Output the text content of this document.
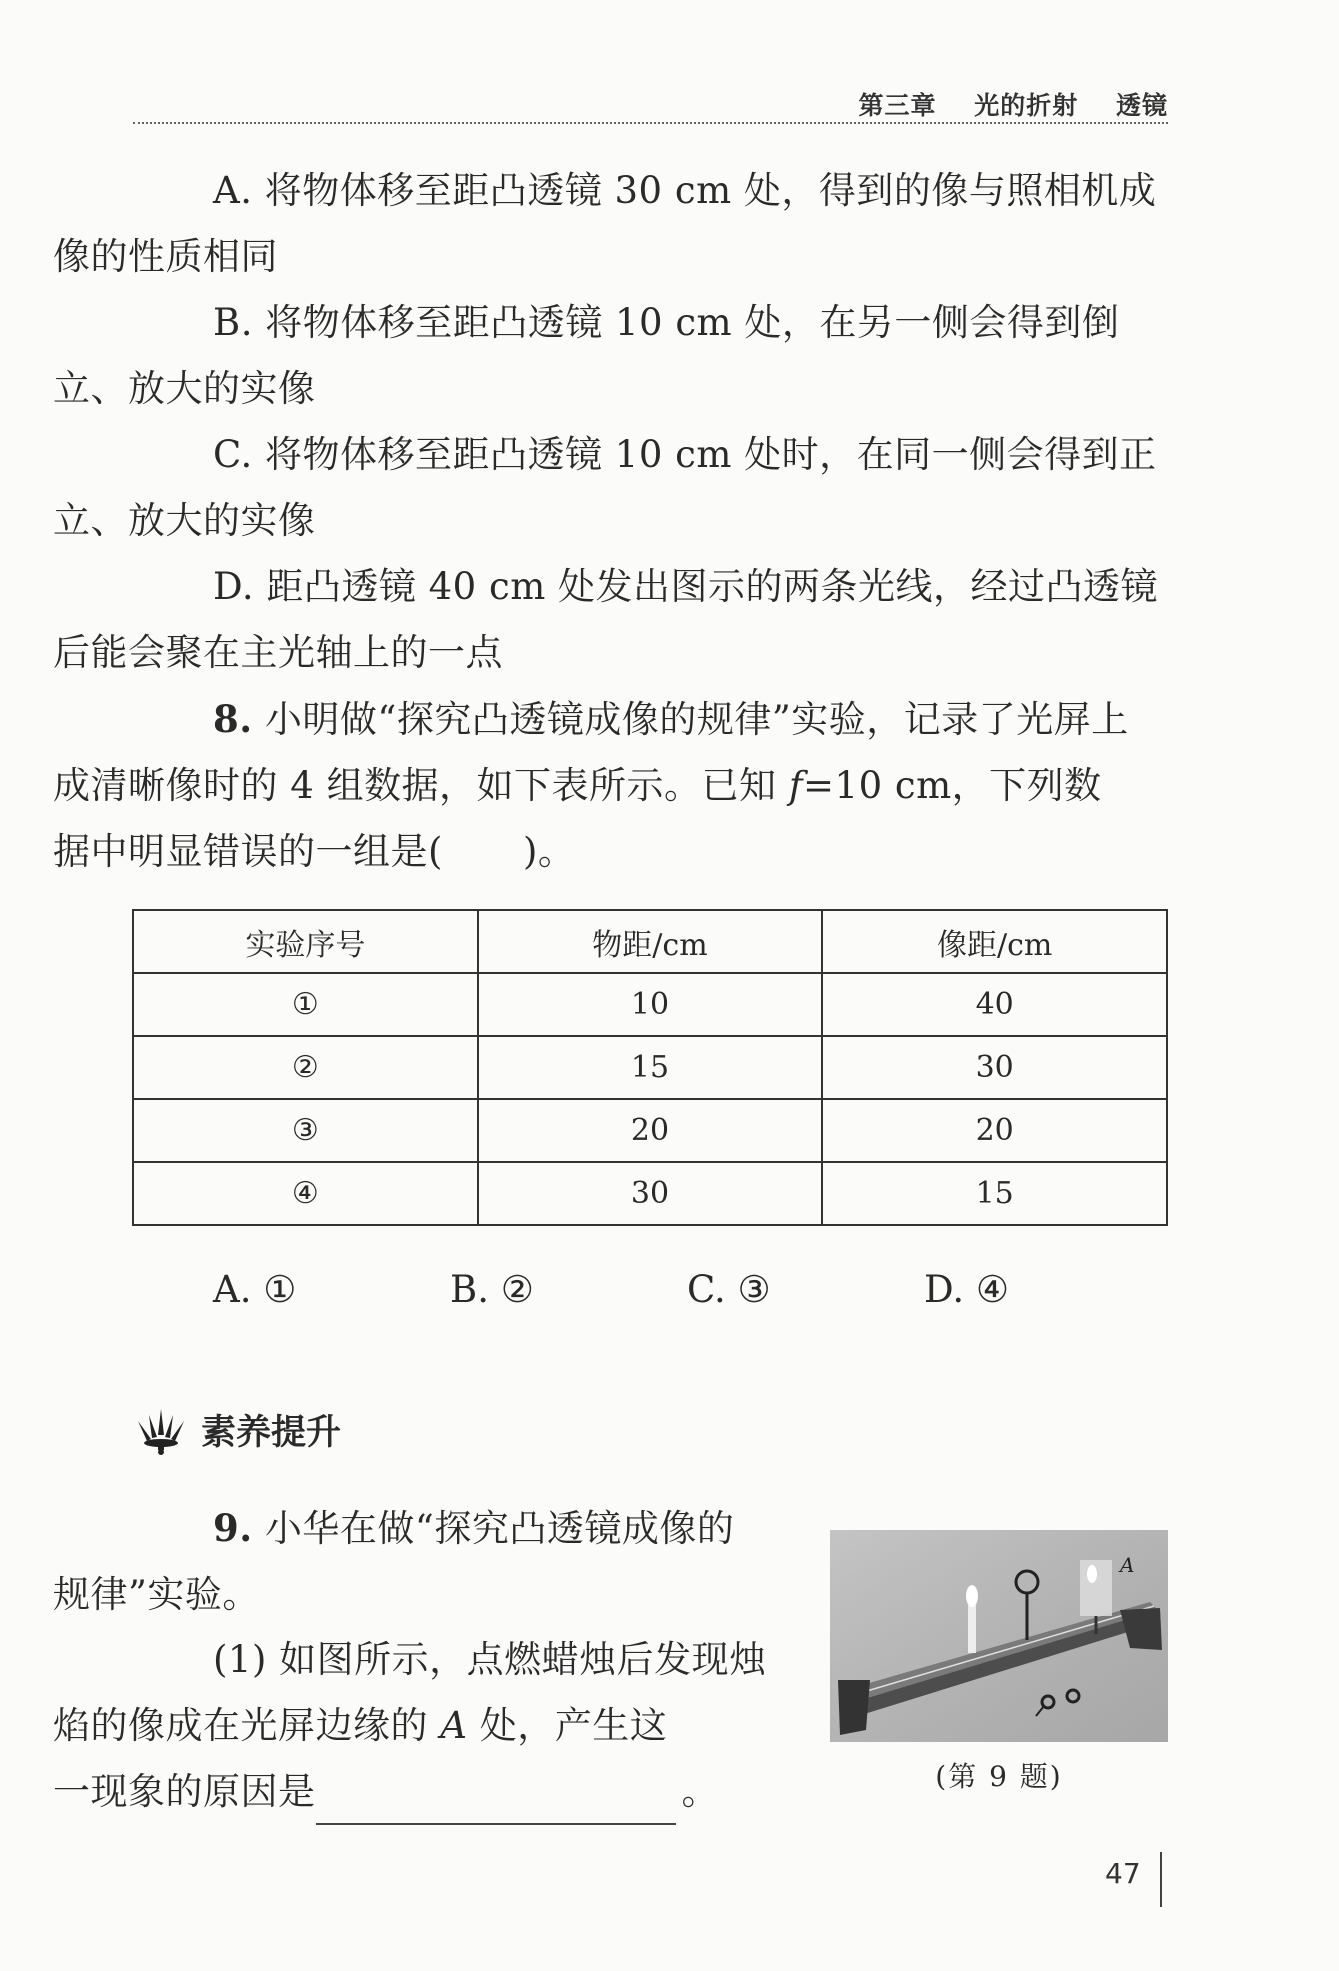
第三章 光的折射 透镜

A. 将物体移至距凸透镜 30 cm 处，得到的像与照相机成
像的性质相同

B. 将物体移至距凸透镜 10 cm 处，在另一侧会得到倒
立、放大的实像

C. 将物体移至距凸透镜 10 cm 处时，在同一侧会得到正
立、放大的实像

D. 距凸透镜 40 cm 处发出图示的两条光线，经过凸透镜
后能会聚在主光轴上的一点

8. 小明做“探究凸透镜成像的规律”实验，记录了光屏上
成清晰像时的 4 组数据，如下表所示。已知 f=10 cm，下列数
据中明显错误的一组是( )。

实验序号	物距/cm	像距/cm
①	10	40
②	15	30
③	20	20
④	30	15
A. ①	B. ②	C. ③	D. ④
素养提升

9. 小华在做“探究凸透镜成像的
规律”实验。

(1) 如图所示，点燃蜡烛后发现烛
焰的像成在光屏边缘的 A 处，产生这
一现象的原因是	。

A
(第 9 题)
47
